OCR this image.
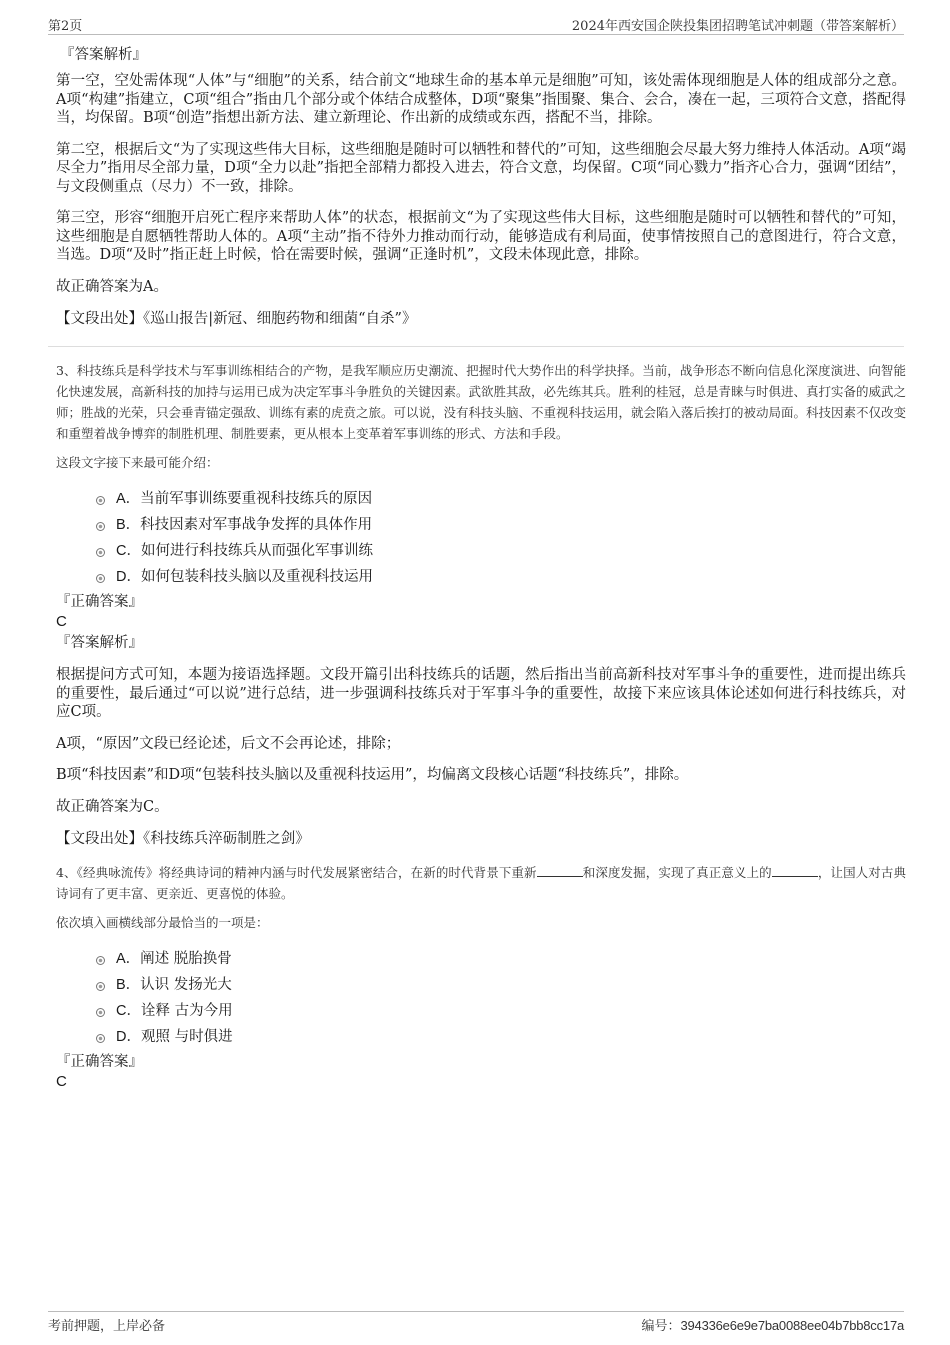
第2页	2024年西安国企陕投集团招聘笔试冲刺题（带答案解析）
『答案解析』

第一空，空处需体现“人体”与“细胞”的关系，结合前文“地球生命的基本单元是细胞”可知，该处需体现细胞是人体的组成部分之意。A项“构建”指建立，C项“组合”指由几个部分或个体结合成整体，D项“聚集”指围聚、集合、会合，凑在一起，三项符合文意，搭配得当，均保留。B项“创造”指想出新方法、建立新理论、作出新的成绩或东西，搭配不当，排除。

第二空，根据后文“为了实现这些伟大目标，这些细胞是随时可以牺牲和替代的”可知，这些细胞会尽最大努力维持人体活动。A项“竭尽全力”指用尽全部力量，D项“全力以赴”指把全部精力都投入进去，符合文意，均保留。C项“同心戮力”指齐心合力，强调“团结”，与文段侧重点（尽力）不一致，排除。

第三空，形容“细胞开启死亡程序来帮助人体”的状态，根据前文“为了实现这些伟大目标，这些细胞是随时可以牺牲和替代的”可知，这些细胞是自愿牺牲帮助人体的。A项“主动”指不待外力推动而行动，能够造成有利局面，使事情按照自己的意图进行，符合文意，当选。D项“及时”指正赶上时候，恰在需要时候，强调“正逢时机”，文段未体现此意，排除。

故正确答案为A。

【文段出处】《巡山报告|新冠、细胞药物和细菌“自杀”》

3、科技练兵是科学技术与军事训练相结合的产物，是我军顺应历史潮流、把握时代大势作出的科学抉择。当前，战争形态不断向信息化深度演进、向智能化快速发展，高新科技的加持与运用已成为决定军事斗争胜负的关键因素。武欲胜其敌，必先练其兵。胜利的桂冠，总是青睐与时俱进、真打实备的威武之师；胜战的光荣，只会垂青锚定强敌、训练有素的虎贲之旅。可以说，没有科技头脑、不重视科技运用，就会陷入落后挨打的被动局面。科技因素不仅改变和重塑着战争博弈的制胜机理、制胜要素，更从根本上变革着军事训练的形式、方法和手段。

这段文字接下来最可能介绍：

A．当前军事训练要重视科技练兵的原因
B．科技因素对军事战争发挥的具体作用
C．如何进行科技练兵从而强化军事训练
D．如何包装科技头脑以及重视科技运用
『正确答案』

C

『答案解析』

根据提问方式可知，本题为接语选择题。文段开篇引出科技练兵的话题，然后指出当前高新科技对军事斗争的重要性，进而提出练兵的重要性，最后通过“可以说”进行总结，进一步强调科技练兵对于军事斗争的重要性，故接下来应该具体论述如何进行科技练兵，对应C项。

A项，“原因”文段已经论述，后文不会再论述，排除；

B项“科技因素”和D项“包装科技头脑以及重视科技运用”，均偏离文段核心话题“科技练兵”，排除。

故正确答案为C。

【文段出处】《科技练兵淬砺制胜之剑》

4、《经典咏流传》将经典诗词的精神内涵与时代发展紧密结合，在新的时代背景下重新	和深度发掘，实现了真正意义上的	，让国人对古典诗词有了更丰富、更亲近、更喜悦的体验。

依次填入画横线部分最恰当的一项是：

A．阐述 脱胎换骨
B．认识 发扬光大
C．诠释 古为今用
D．观照 与时俱进
『正确答案』

C

考前押题，上岸必备	编号：394336e6e9e7ba0088ee04b7bb8cc17a
